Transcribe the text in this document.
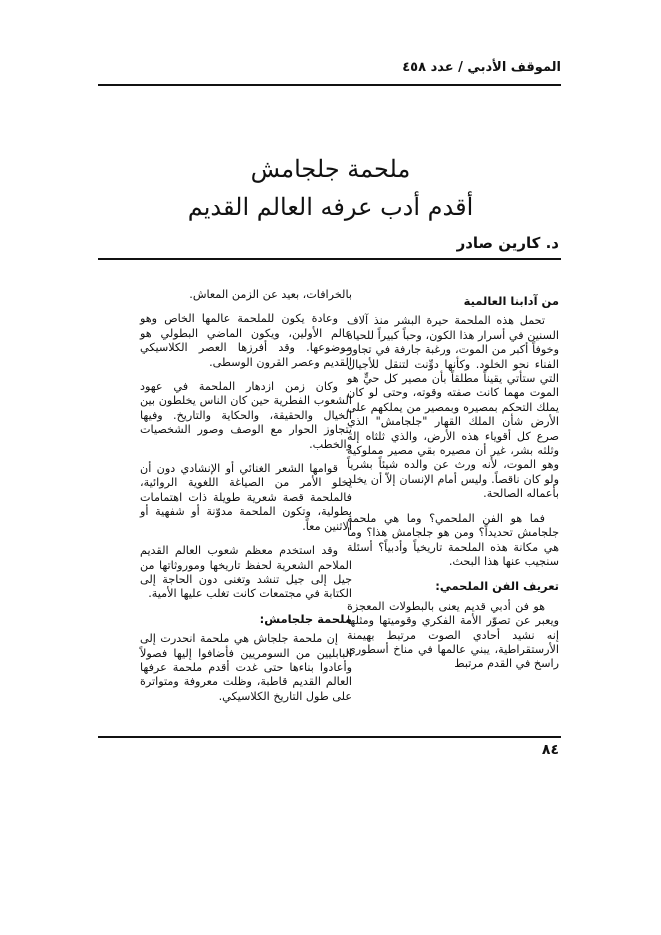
الموقف الأدبي / عدد ٤٥٨
ملحمة جلجامش
أقدم أدب عرفه العالم القديم
د. كارين صادر
من آدابنا العالمية

تحمل هذه الملحمة حيرة البشر منذ آلاف السنين في أسرار هذا الكون، وحباً كبيراً للحياة وخوفاً أكبر من الموت، ورغبة جارفة في تجاوز الفناء نحو الخلود. وكأنها دوِّنت لتنقل للأجيال التي ستأتي يقيناً مطلقاً بأن مصير كل حيٍّ هو الموت مهما كانت صفته وقوته، وحتى لو كان يملك التحكم بمصيره وبمصير من يملكهم على الأرض شأن الملك القهار "جلجامش" الذي صرع كل أقوياء هذه الأرض، والذي ثلثاه إله وثلثه بشر، غير أن مصيره بقي مصير مملوكيه وهو الموت، لأنه ورث عن والده شيئاً بشرياً ولو كان ناقصاً. وليس أمام الإنسان إلاّ أن يخلد بأعماله الصالحة.

فما هو الفن الملحمي؟ وما هي ملحمة جلجامش تحديداً؟ ومن هو جلجامش هذا؟ وما هي مكانة هذه الملحمة تاريخياً وأدبياً؟ أسئلة سنجيب عنها هذا البحث.

تعريف الفن الملحمي:

هو فن أدبي قديم يعنى بالبطولات المعجزة ويعبر عن تصوّر الأمة الفكري وقوميتها ومثلها إنه نشيد أحادي الصوت مرتبط بهيمنة الأرستقراطية، يبني عالمها في مناخ أسطوري راسخ في القدم مرتبط

بالخرافات، بعيد عن الزمن المعاش.

وعادة يكون للملحمة عالمها الخاص وهو عالم الأولين، ويكون الماضي البطولي هو موضوعها. وقد أفرزها العصر الكلاسيكي القديم وعصر القرون الوسطى.

وكان زمن ازدهار الملحمة في عهود الشعوب الفطرية حين كان الناس يخلطون بين الخيال والحقيقة، والحكاية والتاريخ. وفيها يتجاوز الحوار مع الوصف وصور الشخصيات والخطب.

قوامها الشعر الغنائي أو الإنشادي دون أن يخلو الأمر من الصياغة اللغوية الروائية، فالملحمة قصة شعرية طويلة ذات اهتمامات بطولية، وتكون الملحمة مدوّنة أو شفهية أو الاثنين معاً.

وقد استخدم معظم شعوب العالم القديم الملاحم الشعرية لحفظ تاريخها وموروثاتها من جيل إلى جيل تنشد وتغنى دون الحاجة إلى الكتابة في مجتمعات كانت تغلب عليها الأمية.

ملحمة جلجامش:

إن ملحمة جلجاش هي ملحمة انحدرت إلى البابليين من السومريين فأضافوا إليها فصولاً وأعادوا بناءها حتى غدت أقدم ملحمة عرفها العالم القديم قاطبة، وظلت معروفة ومتواترة على طول التاريخ الكلاسيكي.

٨٤
